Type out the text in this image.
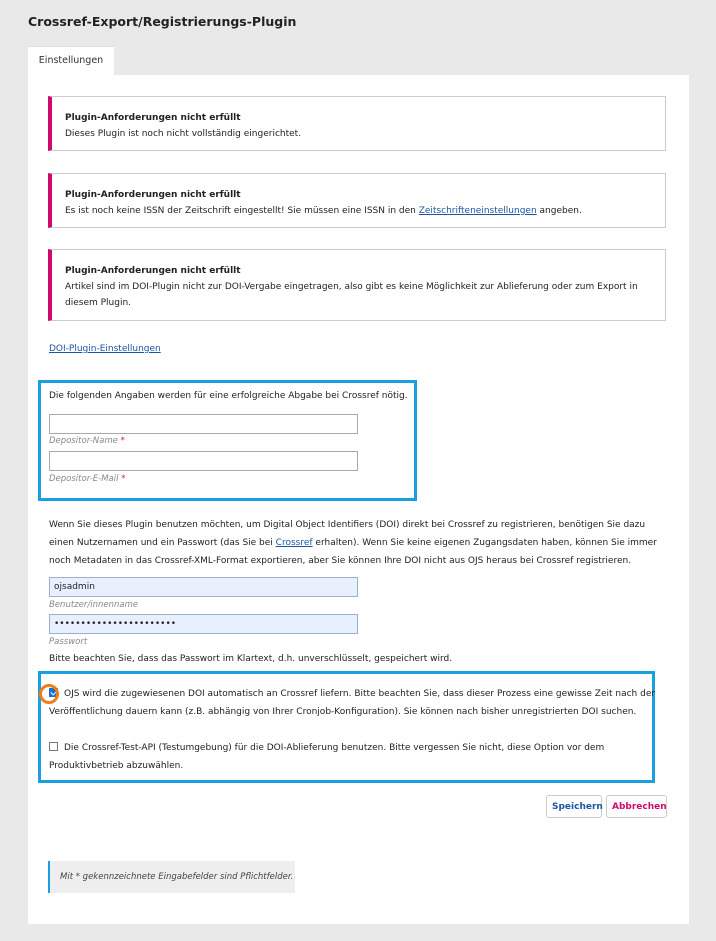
Crossref-Export/Registrierungs-Plugin
Einstellungen
Plugin-Anforderungen nicht erfüllt
Dieses Plugin ist noch nicht vollständig eingerichtet.
Plugin-Anforderungen nicht erfüllt
Es ist noch keine ISSN der Zeitschrift eingestellt! Sie müssen eine ISSN in den Zeitschrifteneinstellungen angeben.
Plugin-Anforderungen nicht erfüllt
Artikel sind im DOI-Plugin nicht zur DOI-Vergabe eingetragen, also gibt es keine Möglichkeit zur Ablieferung oder zum Export in diesem Plugin.
DOI-Plugin-Einstellungen

Die folgenden Angaben werden für eine erfolgreiche Abgabe bei Crossref nötig.

Depositor-Name *
Depositor-E-Mail *

Wenn Sie dieses Plugin benutzen möchten, um Digital Object Identifiers (DOI) direkt bei Crossref zu registrieren, benötigen Sie dazu einen Nutzernamen und ein Passwort (das Sie bei Crossref erhalten). Wenn Sie keine eigenen Zugangsdaten haben, können Sie immer noch Metadaten in das Crossref-XML-Format exportieren, aber Sie können Ihre DOI nicht aus OJS heraus bei Crossref registrieren.

ojsadmin
Benutzer/innenname
•••••••••••••••••••••••
Passwort

Bitte beachten Sie, dass das Passwort im Klartext, d.h. unverschlüsselt, gespeichert wird.

OJS wird die zugewiesenen DOI automatisch an Crossref liefern. Bitte beachten Sie, dass dieser Prozess eine gewisse Zeit nach der Veröffentlichung dauern kann (z.B. abhängig von Ihrer Cronjob-Konfiguration). Sie können nach bisher unregistrierten DOI suchen.
Die Crossref-Test-API (Testumgebung) für die DOI-Ablieferung benutzen. Bitte vergessen Sie nicht, diese Option vor dem Produktivbetrieb abzuwählen.
Speichern	Abbrechen
Mit * gekennzeichnete Eingabefelder sind Pflichtfelder.
